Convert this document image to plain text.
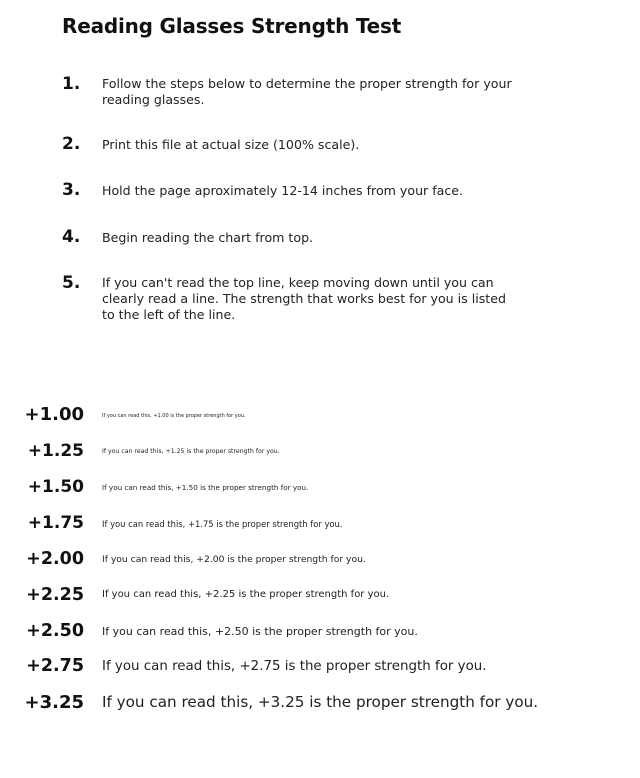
Reading Glasses Strength Test
1. Follow the steps below to determine the proper strength for your reading glasses.
2. Print this file at actual size (100% scale).
3. Hold the page aproximately 12-14 inches from your face.
4. Begin reading the chart from top.
5. If you can't read the top line, keep moving down until you can clearly read a line. The strength that works best for you is listed to the left of the line.
+1.00	If you can read this, +1.00 is the proper strength for you.
+1.25	If you can read this, +1.25 is the proper strength for you.
+1.50	If you can read this, +1.50 is the proper strength for you.
+1.75 If you can read this, +1.75 is the proper strength for you.
+2.00 If you can read this, +2.00 is the proper strength for you.
+2.25 If you can read this, +2.25 is the proper strength for you.
+2.50 If you can read this, +2.50 is the proper strength for you.
+2.75 If you can read this, +2.75 is the proper strength for you.
+3.25 If you can read this, +3.25 is the proper strength for you.
